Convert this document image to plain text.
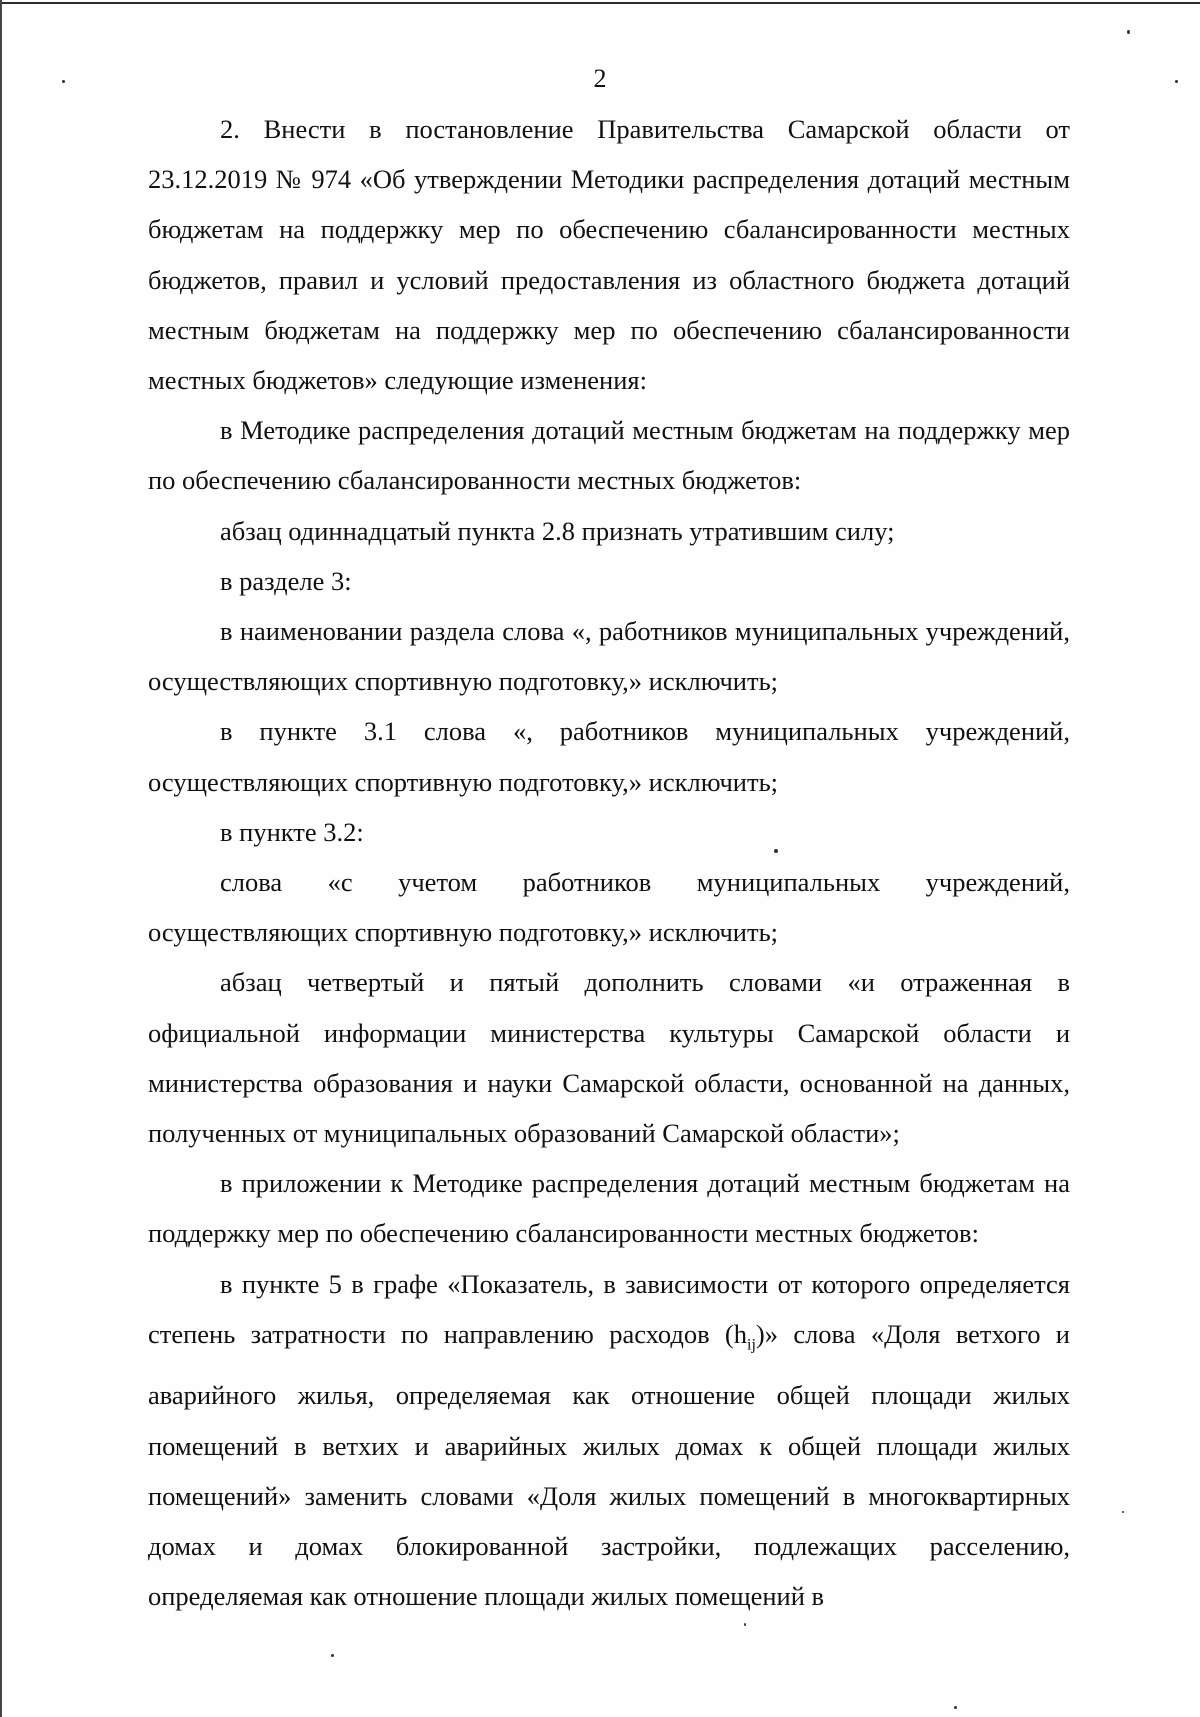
2

2. Внести в постановление Правительства Самарской области от 23.12.2019 № 974 «Об утверждении Методики распределения дотаций местным бюджетам на поддержку мер по обеспечению сбалансированности местных бюджетов, правил и условий предоставления из областного бюджета дотаций местным бюджетам на поддержку мер по обеспечению сбалансированности местных бюджетов» следующие изменения:

в Методике распределения дотаций местным бюджетам на поддержку мер по обеспечению сбалансированности местных бюджетов:

абзац одиннадцатый пункта 2.8 признать утратившим силу;

в разделе 3:

в наименовании раздела слова «, работников муниципальных учреждений, осуществляющих спортивную подготовку,» исключить;

в пункте 3.1 слова «, работников муниципальных учреждений, осуществляющих спортивную подготовку,» исключить;

в пункте 3.2:

слова «с учетом работников муниципальных учреждений, осуществляющих спортивную подготовку,» исключить;

абзац четвертый и пятый дополнить словами «и отраженная в официальной информации министерства культуры Самарской области и министерства образования и науки Самарской области, основанной на данных, полученных от муниципальных образований Самарской области»;

в приложении к Методике распределения дотаций местным бюджетам на поддержку мер по обеспечению сбалансированности местных бюджетов:

в пункте 5 в графе «Показатель, в зависимости от которого определяется степень затратности по направлению расходов $(h_{ij})$» слова «Доля ветхого и аварийного жилья, определяемая как отношение общей площади жилых помещений в ветхих и аварийных жилых домах к общей площади жилых помещений» заменить словами «Доля жилых помещений в многоквартирных домах и домах блокированной застройки, подлежащих расселению, определяемая как отношение площади жилых помещений в
